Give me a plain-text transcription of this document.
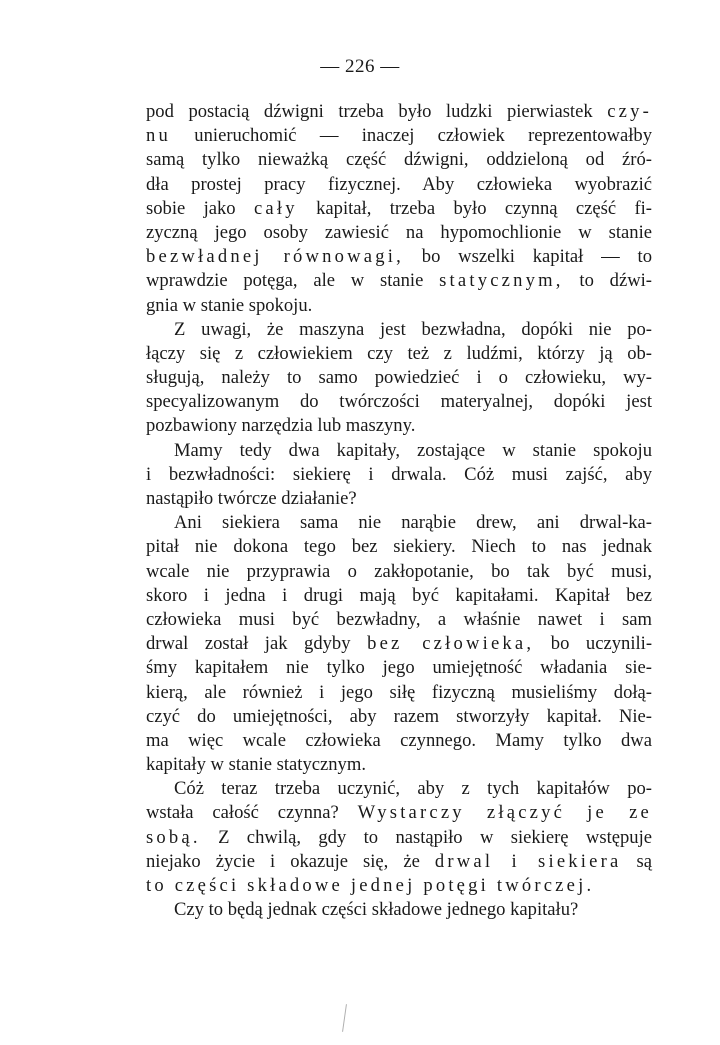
— 226 —
pod postacią dźwigni trzeba było ludzki pierwiastek czy-
nu unieruchomić — inaczej człowiek reprezentowałby
samą tylko nieważką część dźwigni, oddzieloną od źró-
dła prostej pracy fizycznej. Aby człowieka wyobrazić
sobie jako cały kapitał, trzeba było czynną część fi-
zyczną jego osoby zawiesić na hypomochlionie w stanie
bezwładnej równowagi, bo wszelki kapitał — to
wprawdzie potęga, ale w stanie statycznym, to dźwi-
gnia w stanie spokoju.
Z uwagi, że maszyna jest bezwładna, dopóki nie po-
łączy się z człowiekiem czy też z ludźmi, którzy ją ob-
sługują, należy to samo powiedzieć i o człowieku, wy-
specyalizowanym do twórczości materyalnej, dopóki jest
pozbawiony narzędzia lub maszyny.
Mamy tedy dwa kapitały, zostające w stanie spokoju
i bezwładności: siekierę i drwala. Cóż musi zajść, aby
nastąpiło twórcze działanie?
Ani siekiera sama nie narąbie drew, ani drwal-ka-
pitał nie dokona tego bez siekiery. Niech to nas jednak
wcale nie przyprawia o zakłopotanie, bo tak być musi,
skoro i jedna i drugi mają być kapitałami. Kapitał bez
człowieka musi być bezwładny, a właśnie nawet i sam
drwal został jak gdyby bez człowieka, bo uczynili-
śmy kapitałem nie tylko jego umiejętność władania sie-
kierą, ale również i jego siłę fizyczną musieliśmy dołą-
czyć do umiejętności, aby razem stworzyły kapitał. Nie-
ma więc wcale człowieka czynnego. Mamy tylko dwa
kapitały w stanie statycznym.
Cóż teraz trzeba uczynić, aby z tych kapitałów po-
wstała całość czynna? Wystarczy złączyć je ze
sobą. Z chwilą, gdy to nastąpiło w siekierę wstępuje
niejako życie i okazuje się, że drwal i siekiera są
to części składowe jednej potęgi twórczej.
Czy to będą jednak części składowe jednego kapitału?
